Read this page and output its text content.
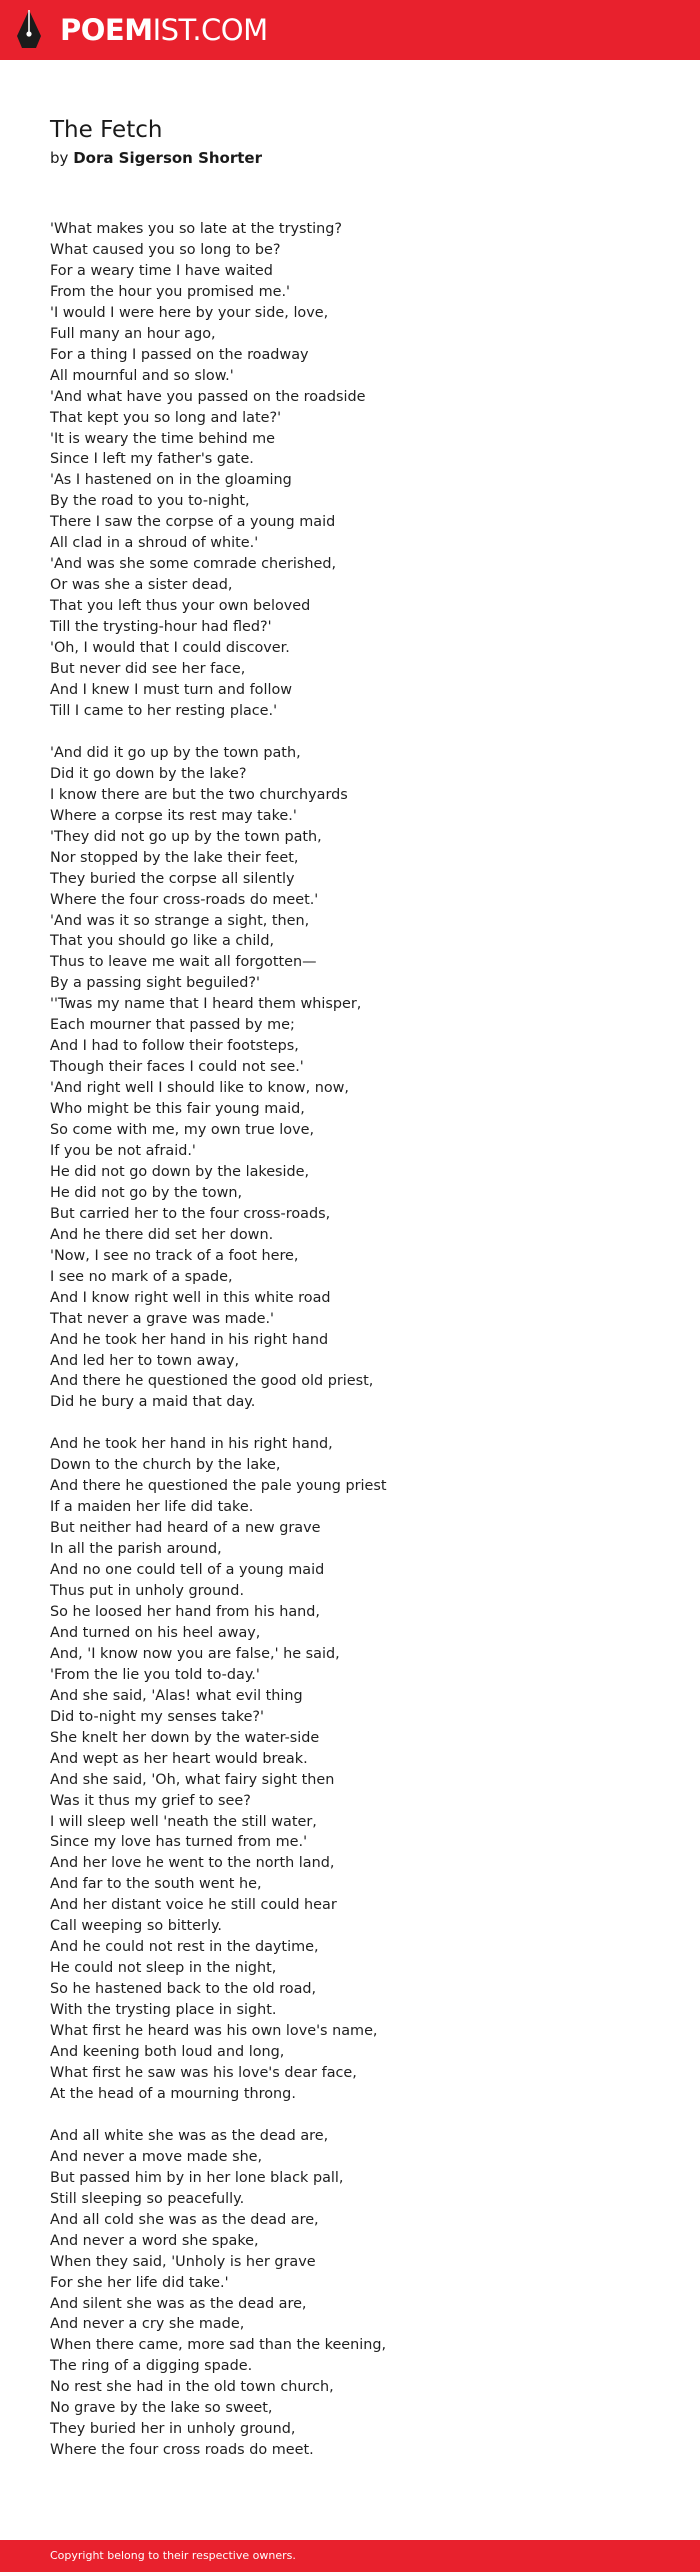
POEMIST.COM
The Fetch
by Dora Sigerson Shorter
'What makes you so late at the trysting?
What caused you so long to be?
For a weary time I have waited
From the hour you promised me.'
'I would I were here by your side, love,
Full many an hour ago,
For a thing I passed on the roadway
All mournful and so slow.'
'And what have you passed on the roadside
That kept you so long and late?'
'It is weary the time behind me
Since I left my father's gate.
'As I hastened on in the gloaming
By the road to you to-night,
There I saw the corpse of a young maid
All clad in a shroud of white.'
'And was she some comrade cherished,
Or was she a sister dead,
That you left thus your own beloved
Till the trysting-hour had fled?'
'Oh, I would that I could discover.
But never did see her face,
And I knew I must turn and follow
Till I came to her resting place.'
'And did it go up by the town path,
Did it go down by the lake?
I know there are but the two churchyards
Where a corpse its rest may take.'
'They did not go up by the town path,
Nor stopped by the lake their feet,
They buried the corpse all silently
Where the four cross-roads do meet.'
'And was it so strange a sight, then,
That you should go like a child,
Thus to leave me wait all forgotten—
By a passing sight beguiled?'
''Twas my name that I heard them whisper,
Each mourner that passed by me;
And I had to follow their footsteps,
Though their faces I could not see.'
'And right well I should like to know, now,
Who might be this fair young maid,
So come with me, my own true love,
If you be not afraid.'
He did not go down by the lakeside,
He did not go by the town,
But carried her to the four cross-roads,
And he there did set her down.
'Now, I see no track of a foot here,
I see no mark of a spade,
And I know right well in this white road
That never a grave was made.'
And he took her hand in his right hand
And led her to town away,
And there he questioned the good old priest,
Did he bury a maid that day.
And he took her hand in his right hand,
Down to the church by the lake,
And there he questioned the pale young priest
If a maiden her life did take.
But neither had heard of a new grave
In all the parish around,
And no one could tell of a young maid
Thus put in unholy ground.
So he loosed her hand from his hand,
And turned on his heel away,
And, 'I know now you are false,' he said,
'From the lie you told to-day.'
And she said, 'Alas! what evil thing
Did to-night my senses take?'
She knelt her down by the water-side
And wept as her heart would break.
And she said, 'Oh, what fairy sight then
Was it thus my grief to see?
I will sleep well 'neath the still water,
Since my love has turned from me.'
And her love he went to the north land,
And far to the south went he,
And her distant voice he still could hear
Call weeping so bitterly.
And he could not rest in the daytime,
He could not sleep in the night,
So he hastened back to the old road,
With the trysting place in sight.
What first he heard was his own love's name,
And keening both loud and long,
What first he saw was his love's dear face,
At the head of a mourning throng.
And all white she was as the dead are,
And never a move made she,
But passed him by in her lone black pall,
Still sleeping so peacefully.
And all cold she was as the dead are,
And never a word she spake,
When they said, 'Unholy is her grave
For she her life did take.'
And silent she was as the dead are,
And never a cry she made,
When there came, more sad than the keening,
The ring of a digging spade.
No rest she had in the old town church,
No grave by the lake so sweet,
They buried her in unholy ground,
Where the four cross roads do meet.
Copyright belong to their respective owners.
